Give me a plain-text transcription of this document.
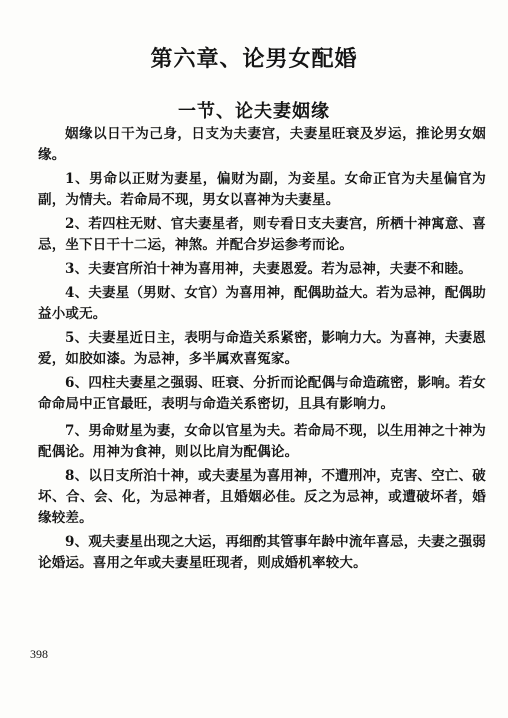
第六章、论男女配婚
一节、论夫妻姻缘

姻缘以日干为己身，日支为夫妻宫，夫妻星旺衰及岁运，推论男女姻缘。

1、男命以正财为妻星，偏财为副，为妾星。女命正官为夫星偏官为副，为情夫。若命局不现，男女以喜神为夫妻星。

2、若四柱无财、官夫妻星者，则专看日支夫妻宫，所栖十神寓意、喜忌，坐下日干十二运，神煞。并配合岁运参考而论。

3、夫妻宫所泊十神为喜用神，夫妻恩爱。若为忌神，夫妻不和睦。

4、夫妻星（男财、女官）为喜用神，配偶助益大。若为忌神，配偶助益小或无。

5、夫妻星近日主，表明与命造关系紧密，影响力大。为喜神，夫妻恩爱，如胶如漆。为忌神，多半属欢喜冤家。

6、四柱夫妻星之强弱、旺衰、分折而论配偶与命造疏密，影响。若女命命局中正官最旺，表明与命造关系密切，且具有影响力。

7、男命财星为妻，女命以官星为夫。若命局不现，以生用神之十神为配偶论。用神为食神，则以比肩为配偶论。

8、以日支所泊十神，或夫妻星为喜用神，不遭刑冲，克害、空亡、破坏、合、会、化，为忌神者，且婚姻必佳。反之为忌神，或遭破坏者，婚缘较差。

9、观夫妻星出现之大运，再细酌其管事年龄中流年喜忌，夫妻之强弱论婚运。喜用之年或夫妻星旺现者，则成婚机率较大。

398
